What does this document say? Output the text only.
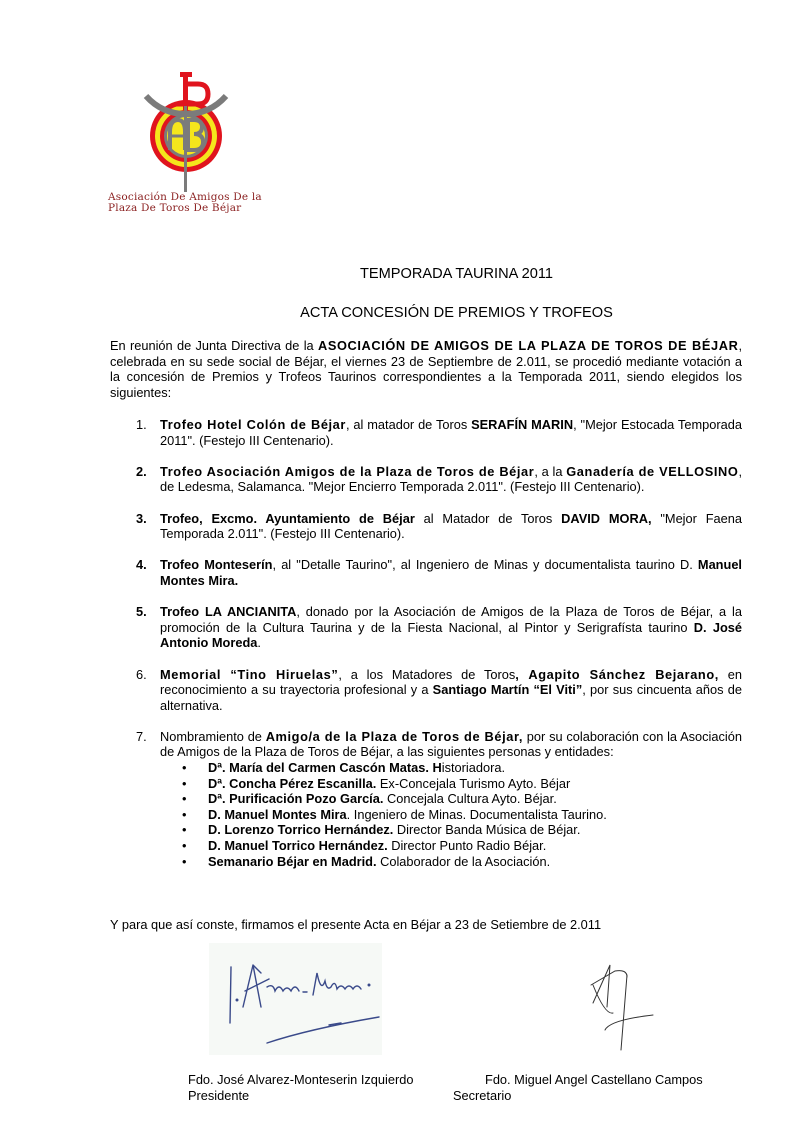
Asociación De Amigos De la
Plaza De Toros De Béjar
TEMPORADA TAURINA 2011
ACTA CONCESIÓN DE PREMIOS Y TROFEOS
En reunión de Junta Directiva de la ASOCIACIÓN DE AMIGOS DE LA PLAZA DE TOROS DE BÉJAR, celebrada en su sede social de Béjar, el viernes 23 de Septiembre de 2.011, se procedió mediante votación a la concesión de Premios y Trofeos Taurinos correspondientes a la Temporada 2011, siendo elegidos los siguientes:
1. Trofeo Hotel Colón de Béjar, al matador de Toros SERAFÍN MARIN, "Mejor Estocada Temporada 2011". (Festejo III Centenario).
2. Trofeo Asociación Amigos de la Plaza de Toros de Béjar, a la Ganadería de VELLOSINO, de Ledesma, Salamanca. "Mejor Encierro Temporada 2.011". (Festejo III Centenario).
3. Trofeo, Excmo. Ayuntamiento de Béjar al Matador de Toros DAVID MORA, "Mejor Faena Temporada 2.011". (Festejo III Centenario).
4. Trofeo Monteserín, al "Detalle Taurino", al Ingeniero de Minas y documentalista taurino D. Manuel Montes Mira.
5. Trofeo LA ANCIANITA, donado por la Asociación de Amigos de la Plaza de Toros de Béjar, a la promoción de la Cultura Taurina y de la Fiesta Nacional, al Pintor y Serigrafísta taurino D. José Antonio Moreda.
6. Memorial “Tino Hiruelas”, a los Matadores de Toros, Agapito Sánchez Bejarano, en reconocimiento a su trayectoria profesional y a Santiago Martín “El Viti”, por sus cincuenta años de alternativa.
7. Nombramiento de Amigo/a de la Plaza de Toros de Béjar, por su colaboración con la Asociación de Amigos de la Plaza de Toros de Béjar, a las siguientes personas y entidades:
• Dª. María del Carmen Cascón Matas. Historiadora.
• Dª. Concha Pérez Escanilla. Ex-Concejala Turismo Ayto. Béjar
• Dª. Purificación Pozo García. Concejala Cultura Ayto. Béjar.
• D. Manuel Montes Mira. Ingeniero de Minas. Documentalista Taurino.
• D. Lorenzo Torrico Hernández. Director Banda Música de Béjar.
• D. Manuel Torrico Hernández. Director Punto Radio Béjar.
• Semanario Béjar en Madrid. Colaborador de la Asociación.
Y para que así conste, firmamos el presente Acta en Béjar a 23 de Setiembre de 2.011
Fdo. José Alvarez-Monteserin Izquierdo
Presidente
Fdo. Miguel Angel Castellano Campos
Secretario
